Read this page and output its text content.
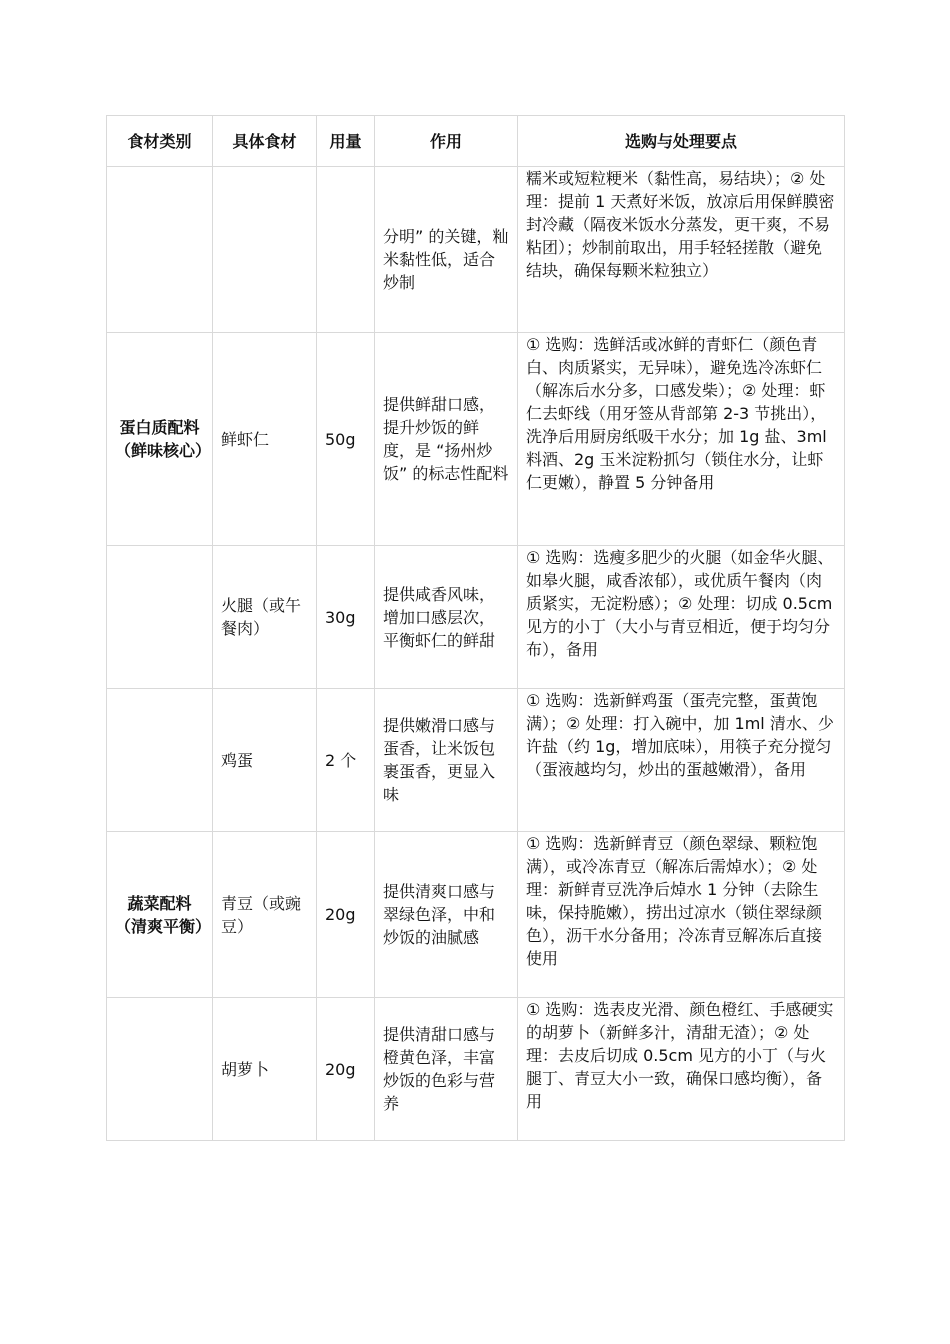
食材类别	具体食材	用量	作用	选购与处理要点
			分明” 的关键，籼米黏性低，适合炒制	糯米或短粒粳米（黏性高，易结块）；② 处理：提前 1 天煮好米饭，放凉后用保鲜膜密封冷藏（隔夜米饭水分蒸发，更干爽，不易粘团）；炒制前取出，用手轻轻搓散（避免结块，确保每颗米粒独立）
蛋白质配料（鲜味核心）	鲜虾仁	50g	提供鲜甜口感，提升炒饭的鲜度，是 “扬州炒饭” 的标志性配料	① 选购：选鲜活或冰鲜的青虾仁（颜色青白、肉质紧实，无异味），避免选冷冻虾仁（解冻后水分多，口感发柴）；② 处理：虾仁去虾线（用牙签从背部第 2-3 节挑出），洗净后用厨房纸吸干水分；加 1g 盐、3ml 料酒、2g 玉米淀粉抓匀（锁住水分，让虾仁更嫩），静置 5 分钟备用
	火腿（或午餐肉）	30g	提供咸香风味，增加口感层次，平衡虾仁的鲜甜	① 选购：选瘦多肥少的火腿（如金华火腿、如皋火腿，咸香浓郁），或优质午餐肉（肉质紧实，无淀粉感）；② 处理：切成 0.5cm 见方的小丁（大小与青豆相近，便于均匀分布），备用
	鸡蛋	2 个	提供嫩滑口感与蛋香，让米饭包裹蛋香，更显入味	① 选购：选新鲜鸡蛋（蛋壳完整，蛋黄饱满）；② 处理：打入碗中，加 1ml 清水、少许盐（约 1g，增加底味），用筷子充分搅匀（蛋液越均匀，炒出的蛋越嫩滑），备用
蔬菜配料（清爽平衡）	青豆（或豌豆）	20g	提供清爽口感与翠绿色泽，中和炒饭的油腻感	① 选购：选新鲜青豆（颜色翠绿、颗粒饱满），或冷冻青豆（解冻后需焯水）；② 处理：新鲜青豆洗净后焯水 1 分钟（去除生味，保持脆嫩），捞出过凉水（锁住翠绿颜色），沥干水分备用；冷冻青豆解冻后直接使用
	胡萝卜	20g	提供清甜口感与橙黄色泽，丰富炒饭的色彩与营养	① 选购：选表皮光滑、颜色橙红、手感硬实的胡萝卜（新鲜多汁，清甜无渣）；② 处理：去皮后切成 0.5cm 见方的小丁（与火腿丁、青豆大小一致，确保口感均衡），备用
